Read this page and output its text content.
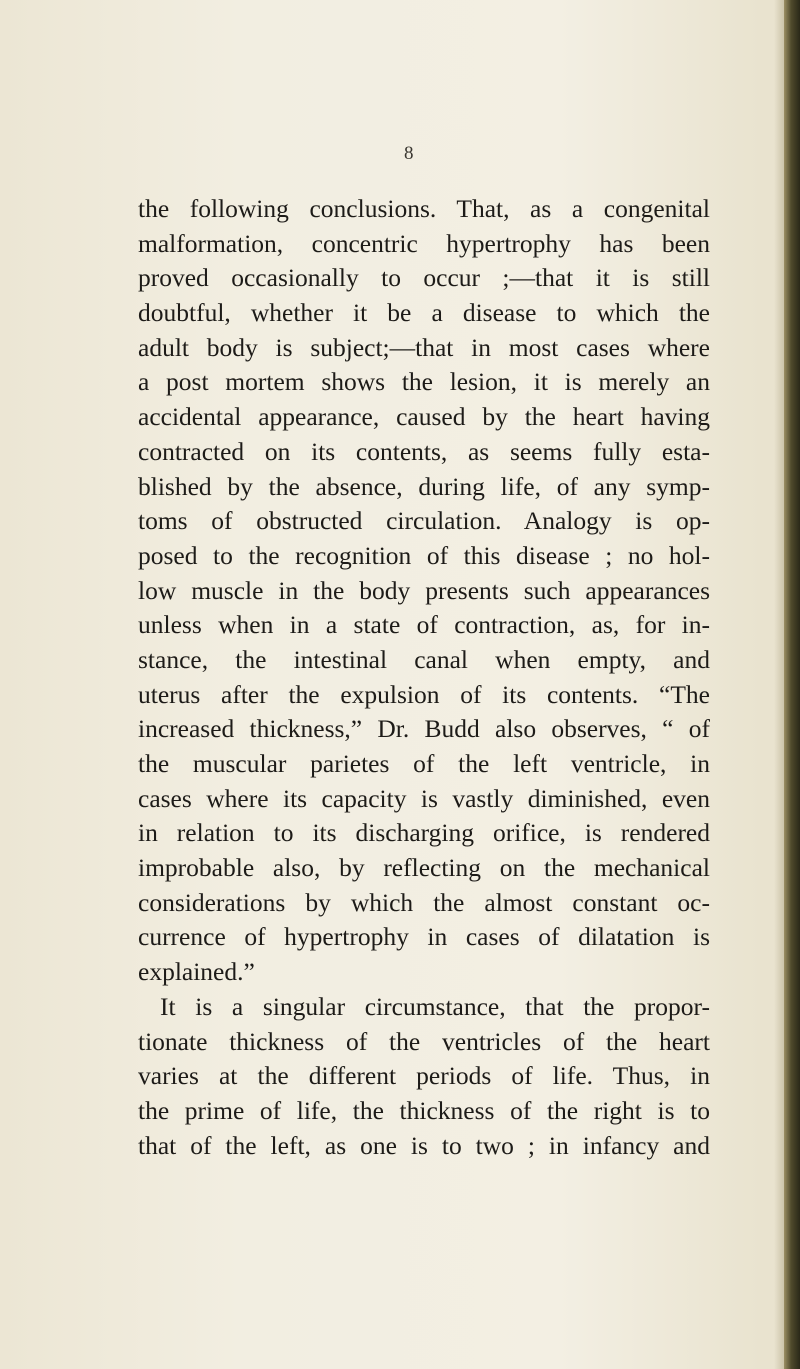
8
the following conclusions. That, as a congenital
malformation, concentric hypertrophy has been
proved occasionally to occur ;—that it is still
doubtful, whether it be a disease to which the
adult body is subject;—that in most cases where
a post mortem shows the lesion, it is merely an
accidental appearance, caused by the heart having
contracted on its contents, as seems fully esta-
blished by the absence, during life, of any symp-
toms of obstructed circulation. Analogy is op-
posed to the recognition of this disease ; no hol-
low muscle in the body presents such appearances
unless when in a state of contraction, as, for in-
stance, the intestinal canal when empty, and
uterus after the expulsion of its contents. “The
increased thickness,” Dr. Budd also observes, “ of
the muscular parietes of the left ventricle, in
cases where its capacity is vastly diminished, even
in relation to its discharging orifice, is rendered
improbable also, by reflecting on the mechanical
considerations by which the almost constant oc-
currence of hypertrophy in cases of dilatation is
explained.”
It is a singular circumstance, that the propor-
tionate thickness of the ventricles of the heart
varies at the different periods of life. Thus, in
the prime of life, the thickness of the right is to
that of the left, as one is to two ; in infancy and
